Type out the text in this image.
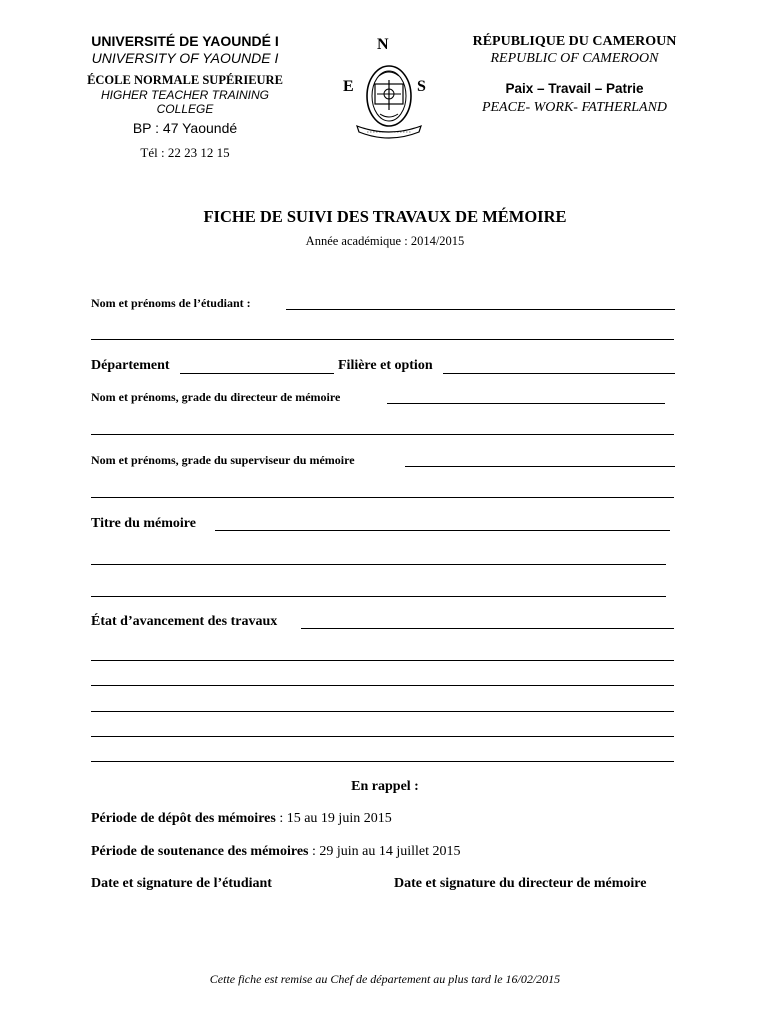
UNIVERSITÉ DE YAOUNDÉ I
UNIVERSITY OF YAOUNDE I
ÉCOLE NORMALE SUPÉRIEURE
HIGHER TEACHER TRAINING
COLLEGE
BP : 47 Yaoundé
Tél : 22 23 12 15
N
E	S
RÉPUBLIQUE DU CAMEROUN
REPUBLIC OF CAMEROON
Paix – Travail – Patrie
PEACE- WORK- FATHERLAND
FICHE DE SUIVI DES TRAVAUX DE MÉMOIRE
Année académique : 2014/2015
Nom et prénoms de l’étudiant :
Département	Filière et option
Nom et prénoms, grade du directeur de mémoire
Nom et prénoms, grade du superviseur du mémoire
Titre du mémoire
État d’avancement des travaux
En rappel :
Période de dépôt des mémoires : 15 au 19 juin 2015
Période de soutenance des mémoires : 29 juin au 14 juillet 2015
Date et signature de l’étudiant	Date et signature du directeur de mémoire
Cette fiche est remise au Chef de département au plus tard le 16/02/2015
